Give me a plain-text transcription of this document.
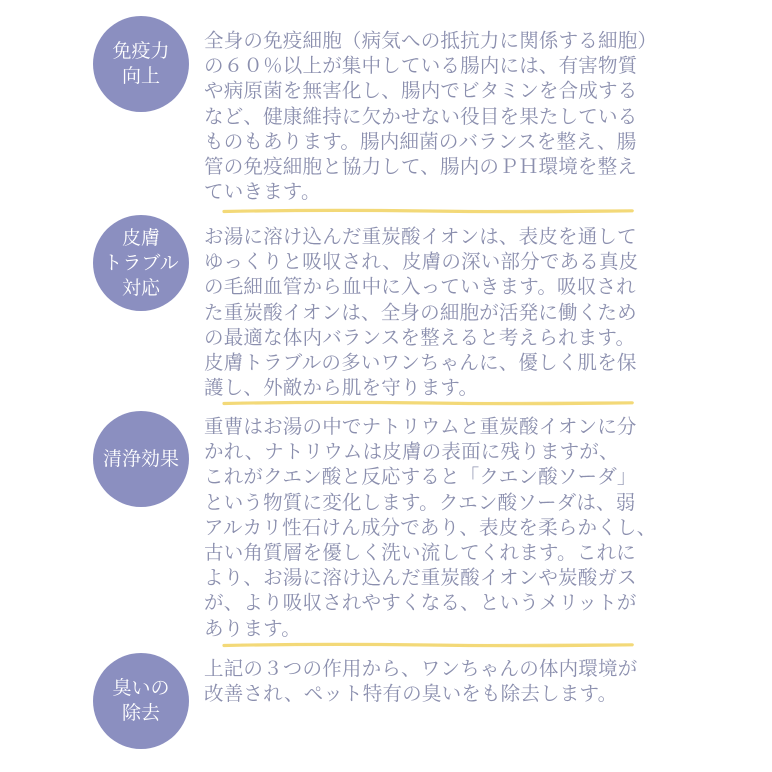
免疫力
向上
全身の免疫細胞（病気への抵抗力に関係する細胞）
の６０％以上が集中している腸内には、有害物質
や病原菌を無害化し、腸内でビタミンを合成する
など、健康維持に欠かせない役目を果たしている
ものもあります。腸内細菌のバランスを整え、腸
管の免疫細胞と協力して、腸内のＰＨ環境を整え
ていきます。
皮膚
トラブル
対応
お湯に溶け込んだ重炭酸イオンは、表皮を通して
ゆっくりと吸収され、皮膚の深い部分である真皮
の毛細血管から血中に入っていきます。吸収され
た重炭酸イオンは、全身の細胞が活発に働くため
の最適な体内バランスを整えると考えられます。
皮膚トラブルの多いワンちゃんに、優しく肌を保
護し、外敵から肌を守ります。
清浄効果
重曹はお湯の中でナトリウムと重炭酸イオンに分
かれ、ナトリウムは皮膚の表面に残りますが、
これがクエン酸と反応すると「クエン酸ソーダ」
という物質に変化します。クエン酸ソーダは、弱
アルカリ性石けん成分であり、表皮を柔らかくし、
古い角質層を優しく洗い流してくれます。これに
より、お湯に溶け込んだ重炭酸イオンや炭酸ガス
が、より吸収されやすくなる、というメリットが
あります。
臭いの
除去
上記の３つの作用から、ワンちゃんの体内環境が
改善され、ペット特有の臭いをも除去します。
